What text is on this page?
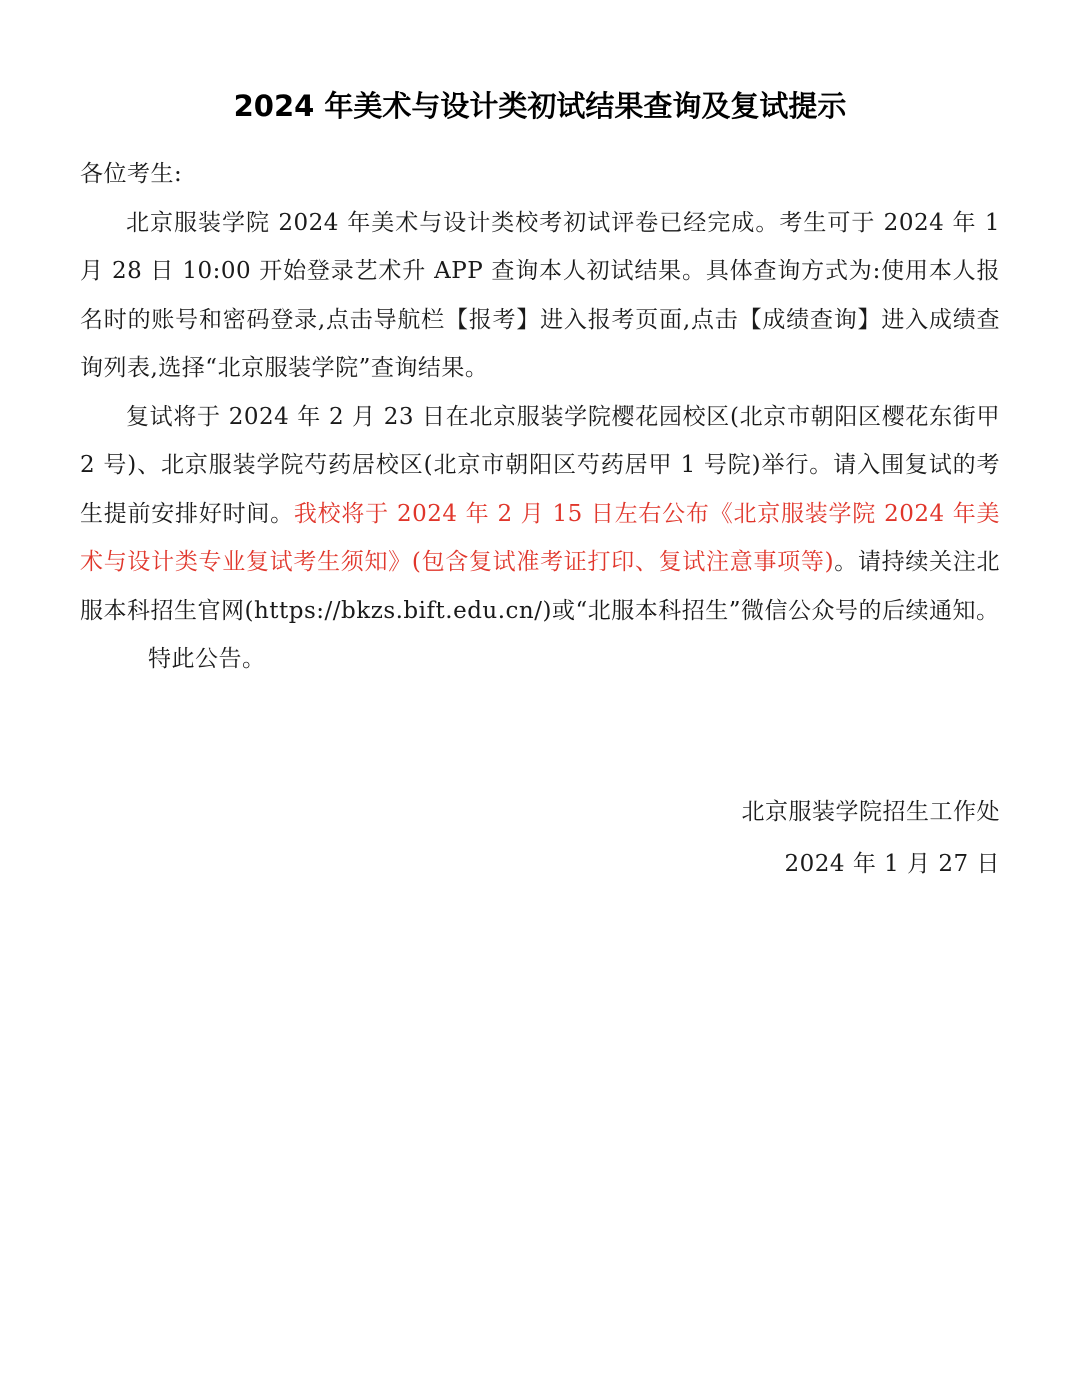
2024 年美术与设计类初试结果查询及复试提示

各位考生:

北京服装学院 2024 年美术与设计类校考初试评卷已经完成。考生可于 2024 年 1 月 28 日 10:00 开始登录艺术升 APP 查询本人初试结果。具体查询方式为:使用本人报名时的账号和密码登录,点击导航栏【报考】进入报考页面,点击【成绩查询】进入成绩查询列表,选择“北京服装学院”查询结果。

复试将于 2024 年 2 月 23 日在北京服装学院樱花园校区(北京市朝阳区樱花东街甲 2 号)、北京服装学院芍药居校区(北京市朝阳区芍药居甲 1 号院)举行。请入围复试的考生提前安排好时间。我校将于 2024 年 2 月 15 日左右公布《北京服装学院 2024 年美术与设计类专业复试考生须知》(包含复试准考证打印、复试注意事项等)。请持续关注北服本科招生官网(https://bkzs.bift.edu.cn/)或“北服本科招生”微信公众号的后续通知。

特此公告。

北京服装学院招生工作处
2024 年 1 月 27 日
